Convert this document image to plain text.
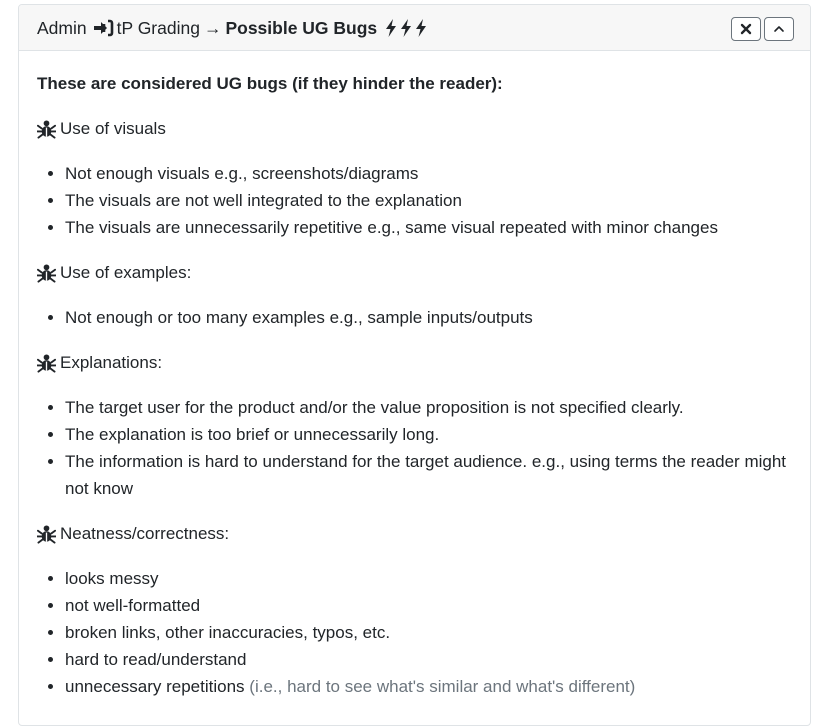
Admin tP Grading → Possible UG Bugs
These are considered UG bugs (if they hinder the reader):
Use of visuals
• Not enough visuals e.g., screenshots/diagrams
• The visuals are not well integrated to the explanation
• The visuals are unnecessarily repetitive e.g., same visual repeated with minor changes
Use of examples:
• Not enough or too many examples e.g., sample inputs/outputs
Explanations:
• The target user for the product and/or the value proposition is not specified clearly.
• The explanation is too brief or unnecessarily long.
• The information is hard to understand for the target audience. e.g., using terms the reader might not know
Neatness/correctness:
• looks messy
• not well-formatted
• broken links, other inaccuracies, typos, etc.
• hard to read/understand
• unnecessary repetitions (i.e., hard to see what's similar and what's different)
